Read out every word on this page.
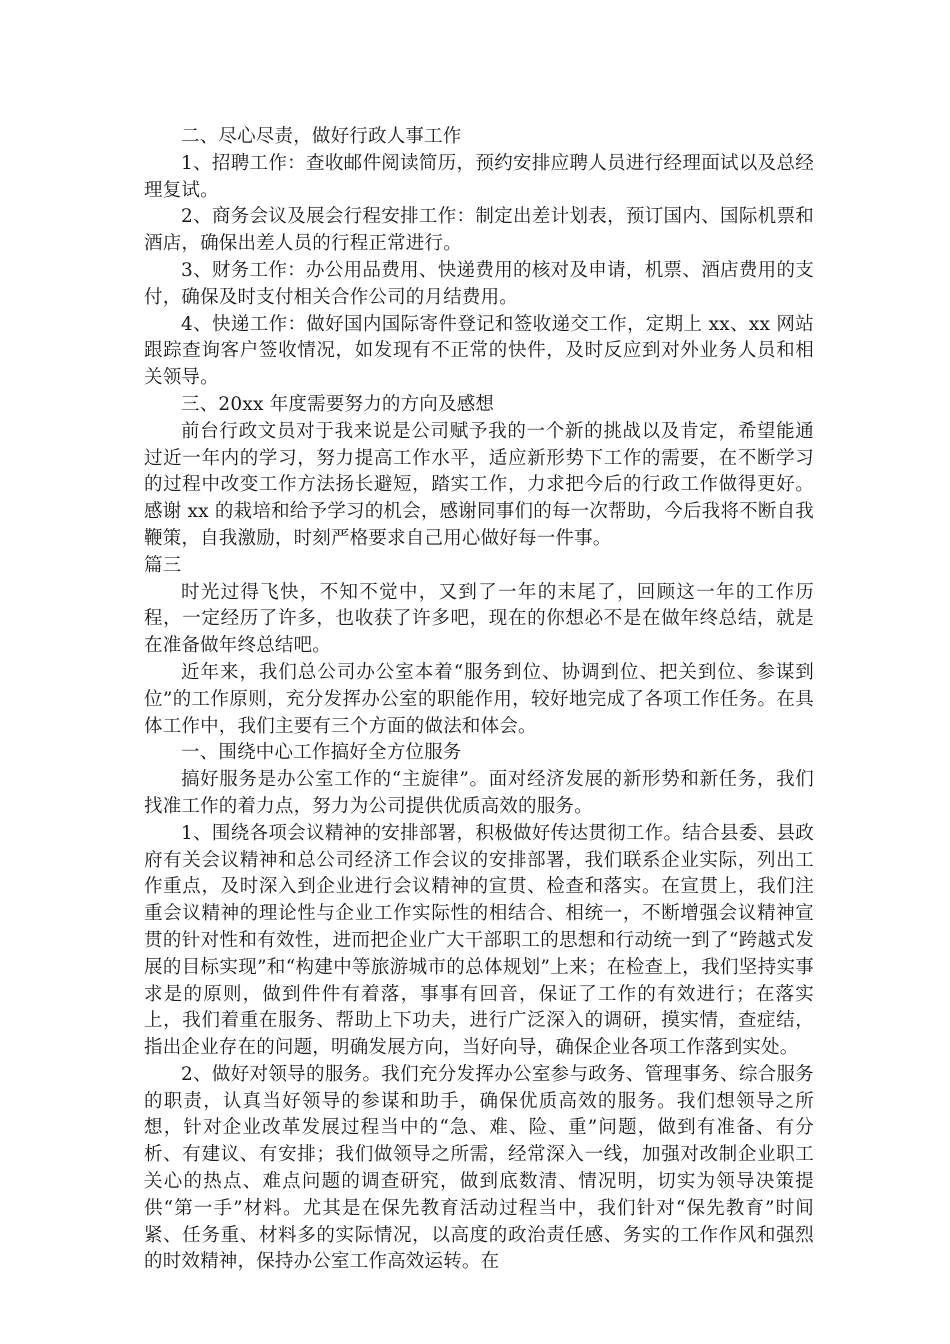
二、尽心尽责，做好行政人事工作

1、招聘工作：查收邮件阅读简历，预约安排应聘人员进行经理面试以及总经理复试。

2、商务会议及展会行程安排工作：制定出差计划表，预订国内、国际机票和酒店，确保出差人员的行程正常进行。

3、财务工作：办公用品费用、快递费用的核对及申请，机票、酒店费用的支付，确保及时支付相关合作公司的月结费用。

4、快递工作：做好国内国际寄件登记和签收递交工作，定期上 xx、xx 网站跟踪查询客户签收情况，如发现有不正常的快件，及时反应到对外业务人员和相关领导。

三、20xx 年度需要努力的方向及感想

前台行政文员对于我来说是公司赋予我的一个新的挑战以及肯定，希望能通过近一年内的学习，努力提高工作水平，适应新形势下工作的需要，在不断学习的过程中改变工作方法扬长避短，踏实工作，力求把今后的行政工作做得更好。感谢 xx 的栽培和给予学习的机会，感谢同事们的每一次帮助，今后我将不断自我鞭策，自我激励，时刻严格要求自己用心做好每一件事。

篇三

时光过得飞快，不知不觉中，又到了一年的末尾了，回顾这一年的工作历程，一定经历了许多，也收获了许多吧，现在的你想必不是在做年终总结，就是在准备做年终总结吧。

近年来，我们总公司办公室本着“服务到位、协调到位、把关到位、参谋到位”的工作原则，充分发挥办公室的职能作用，较好地完成了各项工作任务。在具体工作中，我们主要有三个方面的做法和体会。

一、围绕中心工作搞好全方位服务

搞好服务是办公室工作的“主旋律”。面对经济发展的新形势和新任务，我们找准工作的着力点，努力为公司提供优质高效的服务。

1、围绕各项会议精神的安排部署，积极做好传达贯彻工作。结合县委、县政府有关会议精神和总公司经济工作会议的安排部署，我们联系企业实际，列出工作重点，及时深入到企业进行会议精神的宣贯、检查和落实。在宣贯上，我们注重会议精神的理论性与企业工作实际性的相结合、相统一，不断增强会议精神宣贯的针对性和有效性，进而把企业广大干部职工的思想和行动统一到了“跨越式发展的目标实现”和“构建中等旅游城市的总体规划”上来；在检查上，我们坚持实事求是的原则，做到件件有着落，事事有回音，保证了工作的有效进行；在落实上，我们着重在服务、帮助上下功夫，进行广泛深入的调研，摸实情，查症结，指出企业存在的问题，明确发展方向，当好向导，确保企业各项工作落到实处。

2、做好对领导的服务。我们充分发挥办公室参与政务、管理事务、综合服务的职责，认真当好领导的参谋和助手，确保优质高效的服务。我们想领导之所想，针对企业改革发展过程当中的“急、难、险、重”问题，做到有准备、有分析、有建议、有安排；我们做领导之所需，经常深入一线，加强对改制企业职工关心的热点、难点问题的调查研究，做到底数清、情况明，切实为领导决策提供“第一手”材料。尤其是在保先教育活动过程当中，我们针对“保先教育”时间紧、任务重、材料多的实际情况，以高度的政治责任感、务实的工作作风和强烈的时效精神，保持办公室工作高效运转。在
